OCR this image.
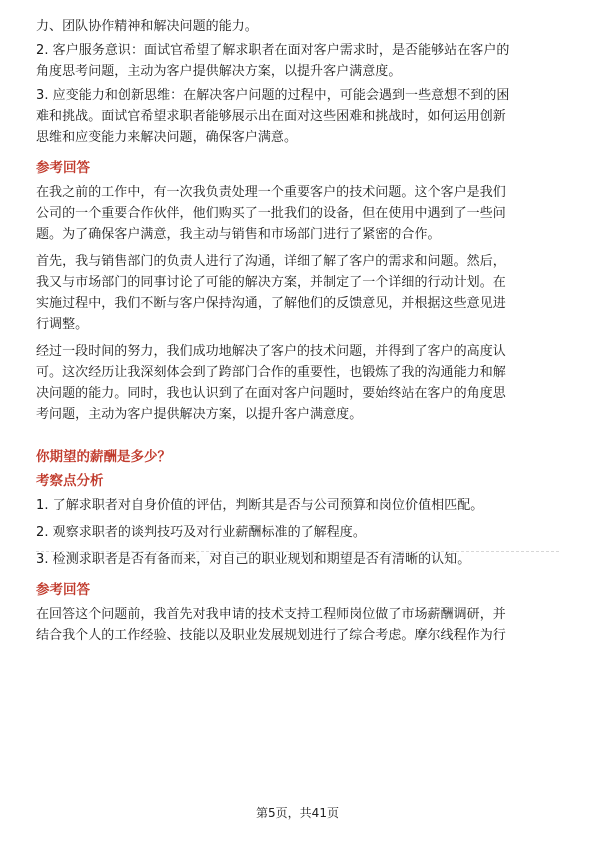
力、团队协作精神和解决问题的能力。
2. 客户服务意识：面试官希望了解求职者在面对客户需求时，是否能够站在客户的
角度思考问题，主动为客户提供解决方案，以提升客户满意度。
3. 应变能力和创新思维：在解决客户问题的过程中，可能会遇到一些意想不到的困
难和挑战。面试官希望求职者能够展示出在面对这些困难和挑战时，如何运用创新
思维和应变能力来解决问题，确保客户满意。
参考回答
在我之前的工作中，有一次我负责处理一个重要客户的技术问题。这个客户是我们
公司的一个重要合作伙伴，他们购买了一批我们的设备，但在使用中遇到了一些问
题。为了确保客户满意，我主动与销售和市场部门进行了紧密的合作。
首先，我与销售部门的负责人进行了沟通，详细了解了客户的需求和问题。然后，
我又与市场部门的同事讨论了可能的解决方案，并制定了一个详细的行动计划。在
实施过程中，我们不断与客户保持沟通，了解他们的反馈意见，并根据这些意见进
行调整。
经过一段时间的努力，我们成功地解决了客户的技术问题，并得到了客户的高度认
可。这次经历让我深刻体会到了跨部门合作的重要性，也锻炼了我的沟通能力和解
决问题的能力。同时，我也认识到了在面对客户问题时，要始终站在客户的角度思
考问题，主动为客户提供解决方案，以提升客户满意度。
你期望的薪酬是多少？
考察点分析
1. 了解求职者对自身价值的评估，判断其是否与公司预算和岗位价值相匹配。
2. 观察求职者的谈判技巧及对行业薪酬标准的了解程度。
3. 检测求职者是否有备而来，对自己的职业规划和期望是否有清晰的认知。
参考回答
在回答这个问题前，我首先对我申请的技术支持工程师岗位做了市场薪酬调研，并
结合我个人的工作经验、技能以及职业发展规划进行了综合考虑。摩尔线程作为行
第5页，共41页
